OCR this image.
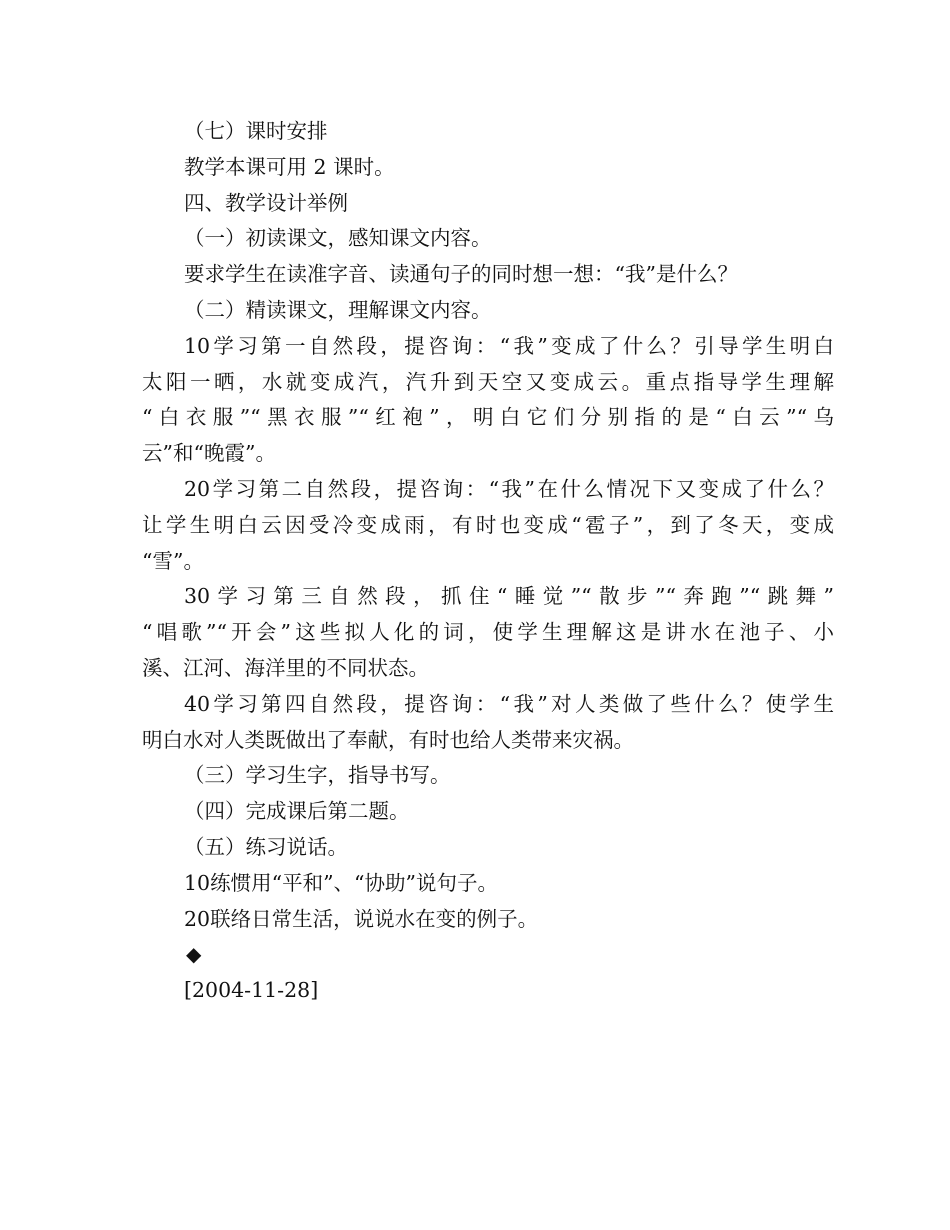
（七）课时安排
教学本课可用 2 课时。
四、教学设计举例
（一）初读课文，感知课文内容。
要求学生在读准字音、读通句子的同时想一想：“我”是什么？
（二）精读课文，理解课文内容。
10学习第一自然段，提咨询：“我”变成了什么？引导学生明白
太阳一晒，水就变成汽，汽升到天空又变成云。重点指导学生理解
“白衣服”“黑衣服”“红袍”，明白它们分别指的是“白云”“乌
云”和“晚霞”。
20学习第二自然段，提咨询：“我”在什么情况下又变成了什么？
让学生明白云因受冷变成雨，有时也变成“雹子”，到了冬天，变成
“雪”。
30学习第三自然段，抓住“睡觉”“散步”“奔跑”“跳舞”
“唱歌”“开会”这些拟人化的词，使学生理解这是讲水在池子、小
溪、江河、海洋里的不同状态。
40学习第四自然段，提咨询：“我”对人类做了些什么？使学生
明白水对人类既做出了奉献，有时也给人类带来灾祸。
（三）学习生字，指导书写。
（四）完成课后第二题。
（五）练习说话。
10练惯用“平和”、“协助”说句子。
20联络日常生活，说说水在变的例子。
◆
[2004-11-28]
